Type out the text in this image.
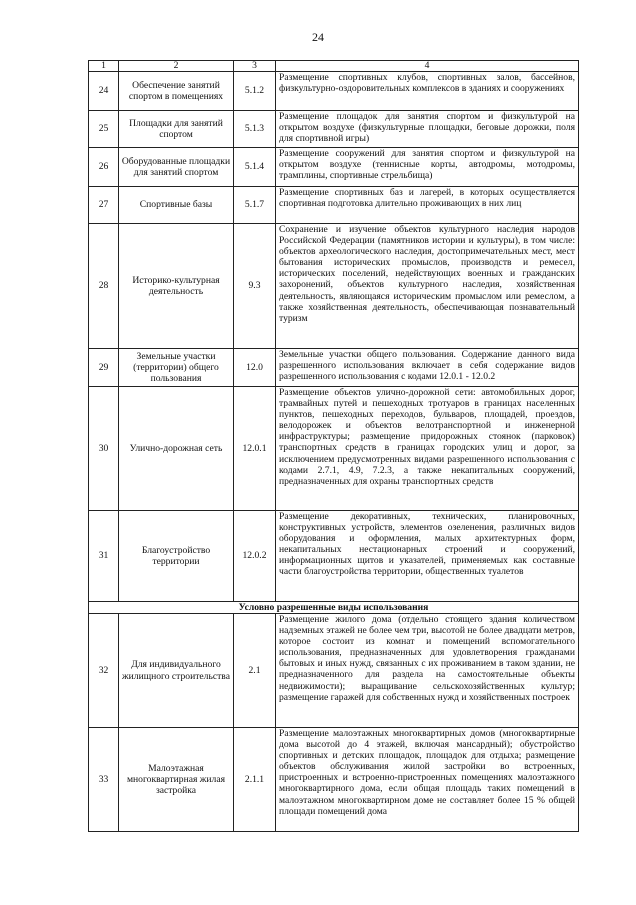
24
1	2	3	4
24	Обеспечение занятий спортом в помещениях	5.1.2	Размещение спортивных клубов, спортивных залов, бассейнов, физкультурно-оздоровительных комплексов в зданиях и сооружениях
25	Площадки для занятий спортом	5.1.3	Размещение площадок для занятия спортом и физкультурой на открытом воздухе (физкультурные площадки, беговые дорожки, поля для спортивной игры)
26	Оборудованные площадки для занятий спортом	5.1.4	Размещение сооружений для занятия спортом и физкультурой на открытом воздухе (теннисные корты, автодромы, мотодромы, трамплины, спортивные стрельбища)
27	Спортивные базы	5.1.7	Размещение спортивных баз и лагерей, в которых осуществляется спортивная подготовка длительно проживающих в них лиц
28	Историко-культурная деятельность	9.3	Сохранение и изучение объектов культурного наследия народов Российской Федерации (памятников истории и культуры), в том числе: объектов археологического наследия, достопримечательных мест, мест бытования исторических промыслов, производств и ремесел, исторических поселений, недействующих военных и гражданских захоронений, объектов культурного наследия, хозяйственная деятельность, являющаяся историческим промыслом или ремеслом, а также хозяйственная деятельность, обеспечивающая познавательный туризм
29	Земельные участки (территории) общего пользования	12.0	Земельные участки общего пользования. Содержание данного вида разрешенного использования включает в себя содержание видов разрешенного использования с кодами 12.0.1 - 12.0.2
30	Улично-дорожная сеть	12.0.1	Размещение объектов улично-дорожной сети: автомобильных дорог, трамвайных путей и пешеходных тротуаров в границах населенных пунктов, пешеходных переходов, бульваров, площадей, проездов, велодорожек и объектов велотранспортной и инженерной инфраструктуры; размещение придорожных стоянок (парковок) транспортных средств в границах городских улиц и дорог, за исключением предусмотренных видами разрешенного использования с кодами 2.7.1, 4.9, 7.2.3, а также некапитальных сооружений, предназначенных для охраны транспортных средств
31	Благоустройство территории	12.0.2	Размещение декоративных, технических, планировочных, конструктивных устройств, элементов озеленения, различных видов оборудования и оформления, малых архитектурных форм, некапитальных нестационарных строений и сооружений, информационных щитов и указателей, применяемых как составные части благоустройства территории, общественных туалетов
Условно разрешенные виды использования			
32	Для индивидуального жилищного строительства	2.1	Размещение жилого дома (отдельно стоящего здания количеством надземных этажей не более чем три, высотой не более двадцати метров, которое состоит из комнат и помещений вспомогательного использования, предназначенных для удовлетворения гражданами бытовых и иных нужд, связанных с их проживанием в таком здании, не предназначенного для раздела на самостоятельные объекты недвижимости); выращивание сельскохозяйственных культур; размещение гаражей для собственных нужд и хозяйственных построек
33	Малоэтажная многоквартирная жилая застройка	2.1.1	Размещение малоэтажных многоквартирных домов (многоквартирные дома высотой до 4 этажей, включая мансардный); обустройство спортивных и детских площадок, площадок для отдыха; размещение объектов обслуживания жилой застройки во встроенных, пристроенных и встроенно-пристроенных помещениях малоэтажного многоквартирного дома, если общая площадь таких помещений в малоэтажном многоквартирном доме не составляет более 15 % общей площади помещений дома
